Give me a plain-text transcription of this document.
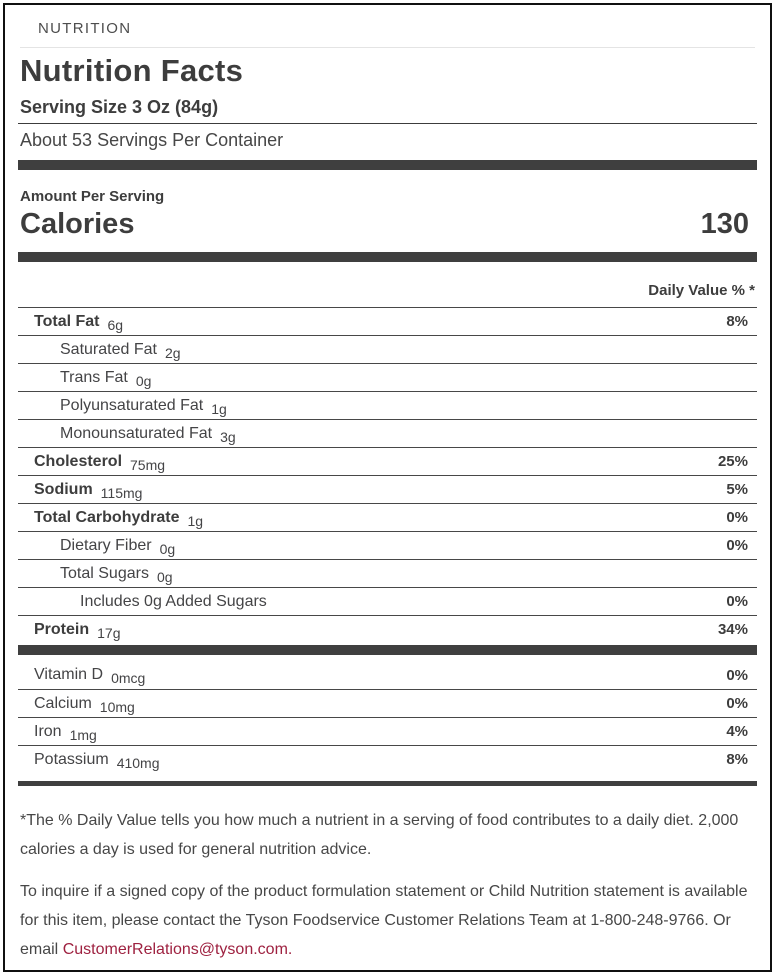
NUTRITION
Nutrition Facts
Serving Size 3 Oz (84g)
About 53 Servings Per Container
Amount Per Serving
Calories	130
Daily Value % *
Total Fat 6g	8%
Saturated Fat 2g
Trans Fat 0g
Polyunsaturated Fat 1g
Monounsaturated Fat 3g
Cholesterol 75mg	25%
Sodium 115mg	5%
Total Carbohydrate 1g	0%
Dietary Fiber 0g	0%
Total Sugars 0g
Includes 0g Added Sugars	0%
Protein 17g	34%
Vitamin D 0mcg	0%
Calcium 10mg	0%
Iron 1mg	4%
Potassium 410mg	8%

*The % Daily Value tells you how much a nutrient in a serving of food contributes to a daily diet. 2,000 calories a day is used for general nutrition advice.

To inquire if a signed copy of the product formulation statement or Child Nutrition statement is available for this item, please contact the Tyson Foodservice Customer Relations Team at 1-800-248-9766. Or email CustomerRelations@tyson.com.
